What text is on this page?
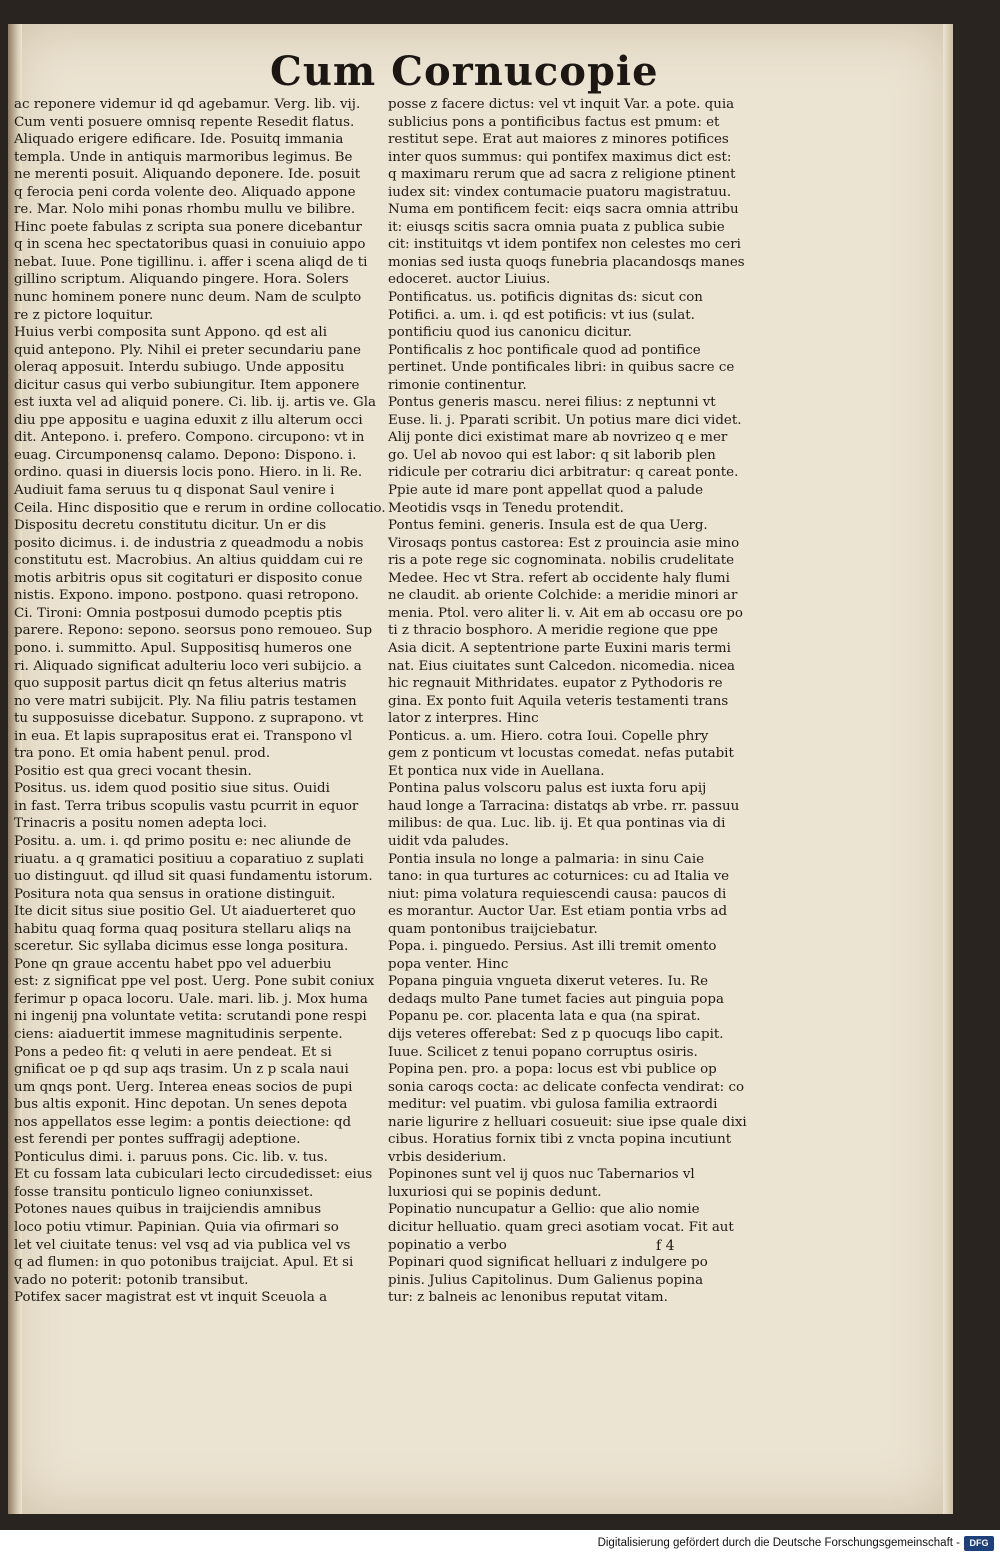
Cum Cornucopie
ac reponere videmur id qd agebamur. Verg. lib. vij.
Cum venti posuere omnisq repente Resedit flatus.
Aliquado erigere edificare. Ide. Posuitq immania
templa. Unde in antiquis marmoribus legimus. Be
ne merenti posuit. Aliquando deponere. Ide. posuit
q ferocia peni corda volente deo. Aliquado appone
re. Mar. Nolo mihi ponas rhombu mullu ve bilibre.
Hinc poete fabulas z scripta sua ponere dicebantur
q in scena hec spectatoribus quasi in conuiuio appo
nebat. Iuue. Pone tigillinu. i. affer i scena aliqd de ti
gillino scriptum. Aliquando pingere. Hora. Solers
nunc hominem ponere nunc deum. Nam de sculpto
re z pictore loquitur.
Huius verbi composita sunt Appono. qd est ali
quid antepono. Ply. Nihil ei preter secundariu pane
oleraq apposuit. Interdu subiugo. Unde appositu
dicitur casus qui verbo subiungitur. Item apponere
est iuxta vel ad aliquid ponere. Ci. lib. ij. artis ve. Gla
diu ppe appositu e uagina eduxit z illu alterum occi
dit. Antepono. i. prefero. Compono. circupono: vt in
euag. Circumponensq calamo. Depono: Dispono. i.
ordino. quasi in diuersis locis pono. Hiero. in li. Re.
Audiuit fama seruus tu q disponat Saul venire i
Ceila. Hinc dispositio que e rerum in ordine collocatio.
Dispositu decretu constitutu dicitur. Un er dis
posito dicimus. i. de industria z queadmodu a nobis
constitutu est. Macrobius. An altius quiddam cui re
motis arbitris opus sit cogitaturi er disposito conue
nistis. Expono. impono. postpono. quasi retropono.
Ci. Tironi: Omnia postposui dumodo pceptis ptis
parere. Repono: sepono. seorsus pono remoueo. Sup
pono. i. summitto. Apul. Suppositisq humeros one
ri. Aliquado significat adulteriu loco veri subijcio. a
quo supposit partus dicit qn fetus alterius matris
no vere matri subijcit. Ply. Na filiu patris testamen
tu supposuisse dicebatur. Suppono. z suprapono. vt
in eua. Et lapis suprapositus erat ei. Transpono vl
tra pono. Et omia habent penul. prod.
Positio est qua greci vocant thesin.
Positus. us. idem quod positio siue situs. Ouidi
in fast. Terra tribus scopulis vastu pcurrit in equor
Trinacris a positu nomen adepta loci.
Positu. a. um. i. qd primo positu e: nec aliunde de
riuatu. a q gramatici positiuu a coparatiuo z suplati
uo distinguut. qd illud sit quasi fundamentu istorum.
Positura nota qua sensus in oratione distinguit.
Ite dicit situs siue positio Gel. Ut aiaduerteret quo
habitu quaq forma quaq positura stellaru aliqs na
sceretur. Sic syllaba dicimus esse longa positura.
Pone qn graue accentu habet ppo vel aduerbiu
est: z significat ppe vel post. Uerg. Pone subit coniux
ferimur p opaca locoru. Uale. mari. lib. j. Mox huma
ni ingenij pna voluntate vetita: scrutandi pone respi
ciens: aiaduertit immese magnitudinis serpente.
Pons a pedeo fit: q veluti in aere pendeat. Et si
gnificat oe p qd sup aqs trasim. Un z p scala naui
um qnqs pont. Uerg. Interea eneas socios de pupi
bus altis exponit. Hinc depotan. Un senes depota
nos appellatos esse legim: a pontis deiectione: qd
est ferendi per pontes suffragij adeptione.
Ponticulus dimi. i. paruus pons. Cic. lib. v. tus.
Et cu fossam lata cubiculari lecto circudedisset: eius
fosse transitu ponticulo ligneo coniunxisset.
Potones naues quibus in traijciendis amnibus
loco potiu vtimur. Papinian. Quia via ofirmari so
let vel ciuitate tenus: vel vsq ad via publica vel vs
q ad flumen: in quo potonibus traijciat. Apul. Et si
vado no poterit: potonib transibut.
Potifex sacer magistrat est vt inquit Sceuola a
posse z facere dictus: vel vt inquit Var. a pote. quia
sublicius pons a pontificibus factus est pmum: et
restitut sepe. Erat aut maiores z minores potifices
inter quos summus: qui pontifex maximus dict est:
q maximaru rerum que ad sacra z religione ptinent
iudex sit: vindex contumacie puatoru magistratuu.
Numa em pontificem fecit: eiqs sacra omnia attribu
it: eiusqs scitis sacra omnia puata z publica subie
cit: instituitqs vt idem pontifex non celestes mo ceri
monias sed iusta quoqs funebria placandosqs manes
edoceret. auctor Liuius.
Pontificatus. us. potificis dignitas ds: sicut con
Potifici. a. um. i. qd est potificis: vt ius (sulat.
pontificiu quod ius canonicu dicitur.
Pontificalis z hoc pontificale quod ad pontifice
pertinet. Unde pontificales libri: in quibus sacre ce
rimonie continentur.
Pontus generis mascu. nerei filius: z neptunni vt
Euse. li. j. Pparati scribit. Un potius mare dici videt.
Alij ponte dici existimat mare ab novrizeo q e mer
go. Uel ab novoo qui est labor: q sit laborib plen
ridicule per cotrariu dici arbitratur: q careat ponte.
Ppie aute id mare pont appellat quod a palude
Meotidis vsqs in Tenedu protendit.
Pontus femini. generis. Insula est de qua Uerg.
Virosaqs pontus castorea: Est z prouincia asie mino
ris a pote rege sic cognominata. nobilis crudelitate
Medee. Hec vt Stra. refert ab occidente haly flumi
ne claudit. ab oriente Colchide: a meridie minori ar
menia. Ptol. vero aliter li. v. Ait em ab occasu ore po
ti z thracio bosphoro. A meridie regione que ppe
Asia dicit. A septentrione parte Euxini maris termi
nat. Eius ciuitates sunt Calcedon. nicomedia. nicea
hic regnauit Mithridates. eupator z Pythodoris re
gina. Ex ponto fuit Aquila veteris testamenti trans
lator z interpres. Hinc
Ponticus. a. um. Hiero. cotra Ioui. Copelle phry
gem z ponticum vt locustas comedat. nefas putabit
Et pontica nux vide in Auellana.
Pontina palus volscoru palus est iuxta foru apij
haud longe a Tarracina: distatqs ab vrbe. rr. passuu
milibus: de qua. Luc. lib. ij. Et qua pontinas via di
uidit vda paludes.
Pontia insula no longe a palmaria: in sinu Caie
tano: in qua turtures ac coturnices: cu ad Italia ve
niut: pima volatura requiescendi causa: paucos di
es morantur. Auctor Uar. Est etiam pontia vrbs ad
quam pontonibus traijciebatur.
Popa. i. pinguedo. Persius. Ast illi tremit omento
popa venter. Hinc
Popana pinguia vngueta dixerut veteres. Iu. Re
dedaqs multo Pane tumet facies aut pinguia popa
Popanu pe. cor. placenta lata e qua (na spirat.
dijs veteres offerebat: Sed z p quocuqs libo capit.
Iuue. Scilicet z tenui popano corruptus osiris.
Popina pen. pro. a popa: locus est vbi publice op
sonia caroqs cocta: ac delicate confecta vendirat: co
meditur: vel puatim. vbi gulosa familia extraordi
narie ligurire z helluari cosueuit: siue ipse quale dixi
cibus. Horatius fornix tibi z vncta popina incutiunt
vrbis desiderium.
Popinones sunt vel ij quos nuc Tabernarios vl
luxuriosi qui se popinis dedunt.
Popinatio nuncupatur a Gellio: que alio nomie
dicitur helluatio. quam greci asotiam vocat. Fit aut
popinatio a verbo
Popinari quod significat helluari z indulgere po
pinis. Julius Capitolinus. Dum Galienus popina
tur: z balneis ac lenonibus reputat vitam.
f 4
Digitalisierung gefördert durch die Deutsche Forschungsgemeinschaft -	DFG
